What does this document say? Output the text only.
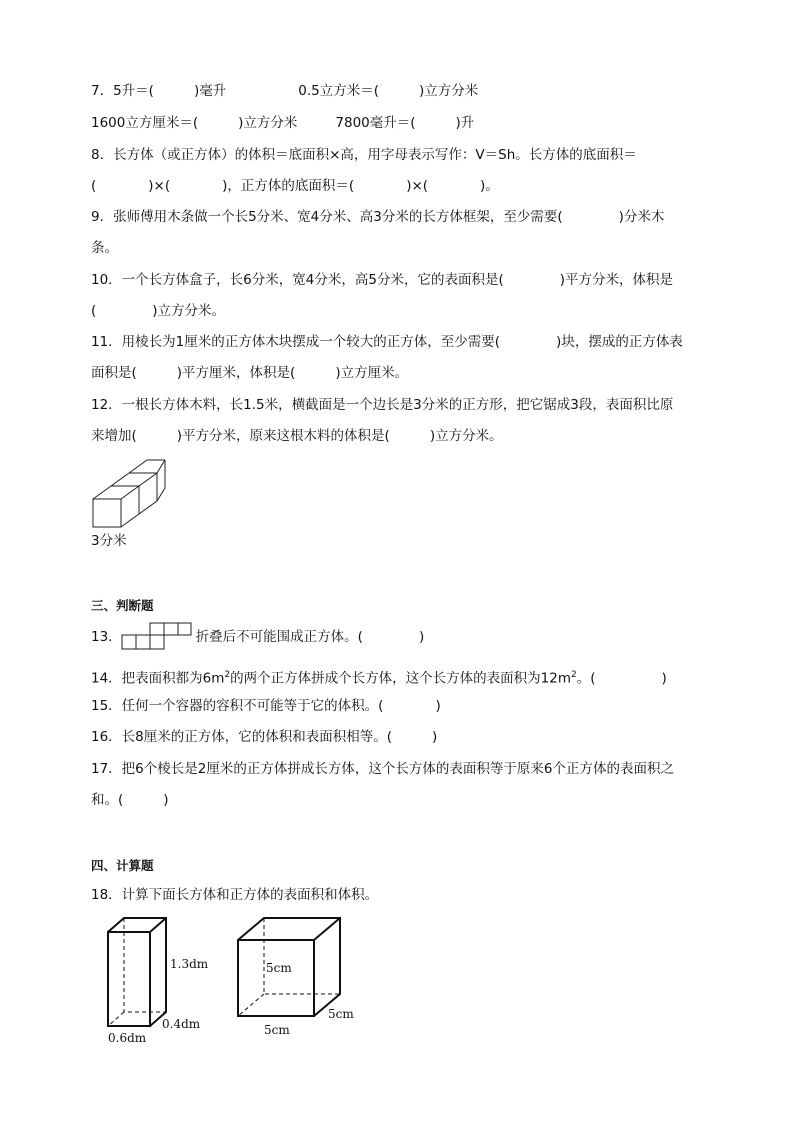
7．5升＝(	)毫升	0.5立方米＝(	)立方分米
1600立方厘米＝(	)立方分米	7800毫升＝(	)升
8．长方体（或正方体）的体积＝底面积×高，用字母表示写作：V＝Sh。长方体的底面积＝
(	)×(	)，正方体的底面积＝(	)×(	)。
9．张师傅用木条做一个长5分米、宽4分米、高3分米的长方体框架，至少需要(	)分米木
条。
10．一个长方体盒子，长6分米，宽4分米，高5分米，它的表面积是(	)平方分米，体积是
(	)立方分米。
11．用棱长为1厘米的正方体木块摆成一个较大的正方体，至少需要(	)块，摆成的正方体表
面积是(	)平方厘米，体积是(	)立方厘米。
12．一根长方体木料，长1.5米，横截面是一个边长是3分米的正方形，把它锯成3段，表面积比原
来增加(	)平方分米，原来这根木料的体积是(	)立方分米。
3分米
三、判断题
13．	折叠后不可能围成正方体。(	)
14．把表面积都为$6m^2$的两个正方体拼成个长方体，这个长方体的表面积为$12m^2$。(	)
15．任何一个容器的容积不可能等于它的体积。(	)
16．长8厘米的正方体，它的体积和表面积相等。(	)
17．把6个棱长是2厘米的正方体拼成长方体，这个长方体的表面积等于原来6个正方体的表面积之
和。(	)
四、计算题
18．计算下面长方体和正方体的表面积和体积。
1.3dm
0.4dm
0.6dm
5cm
5cm
5cm
